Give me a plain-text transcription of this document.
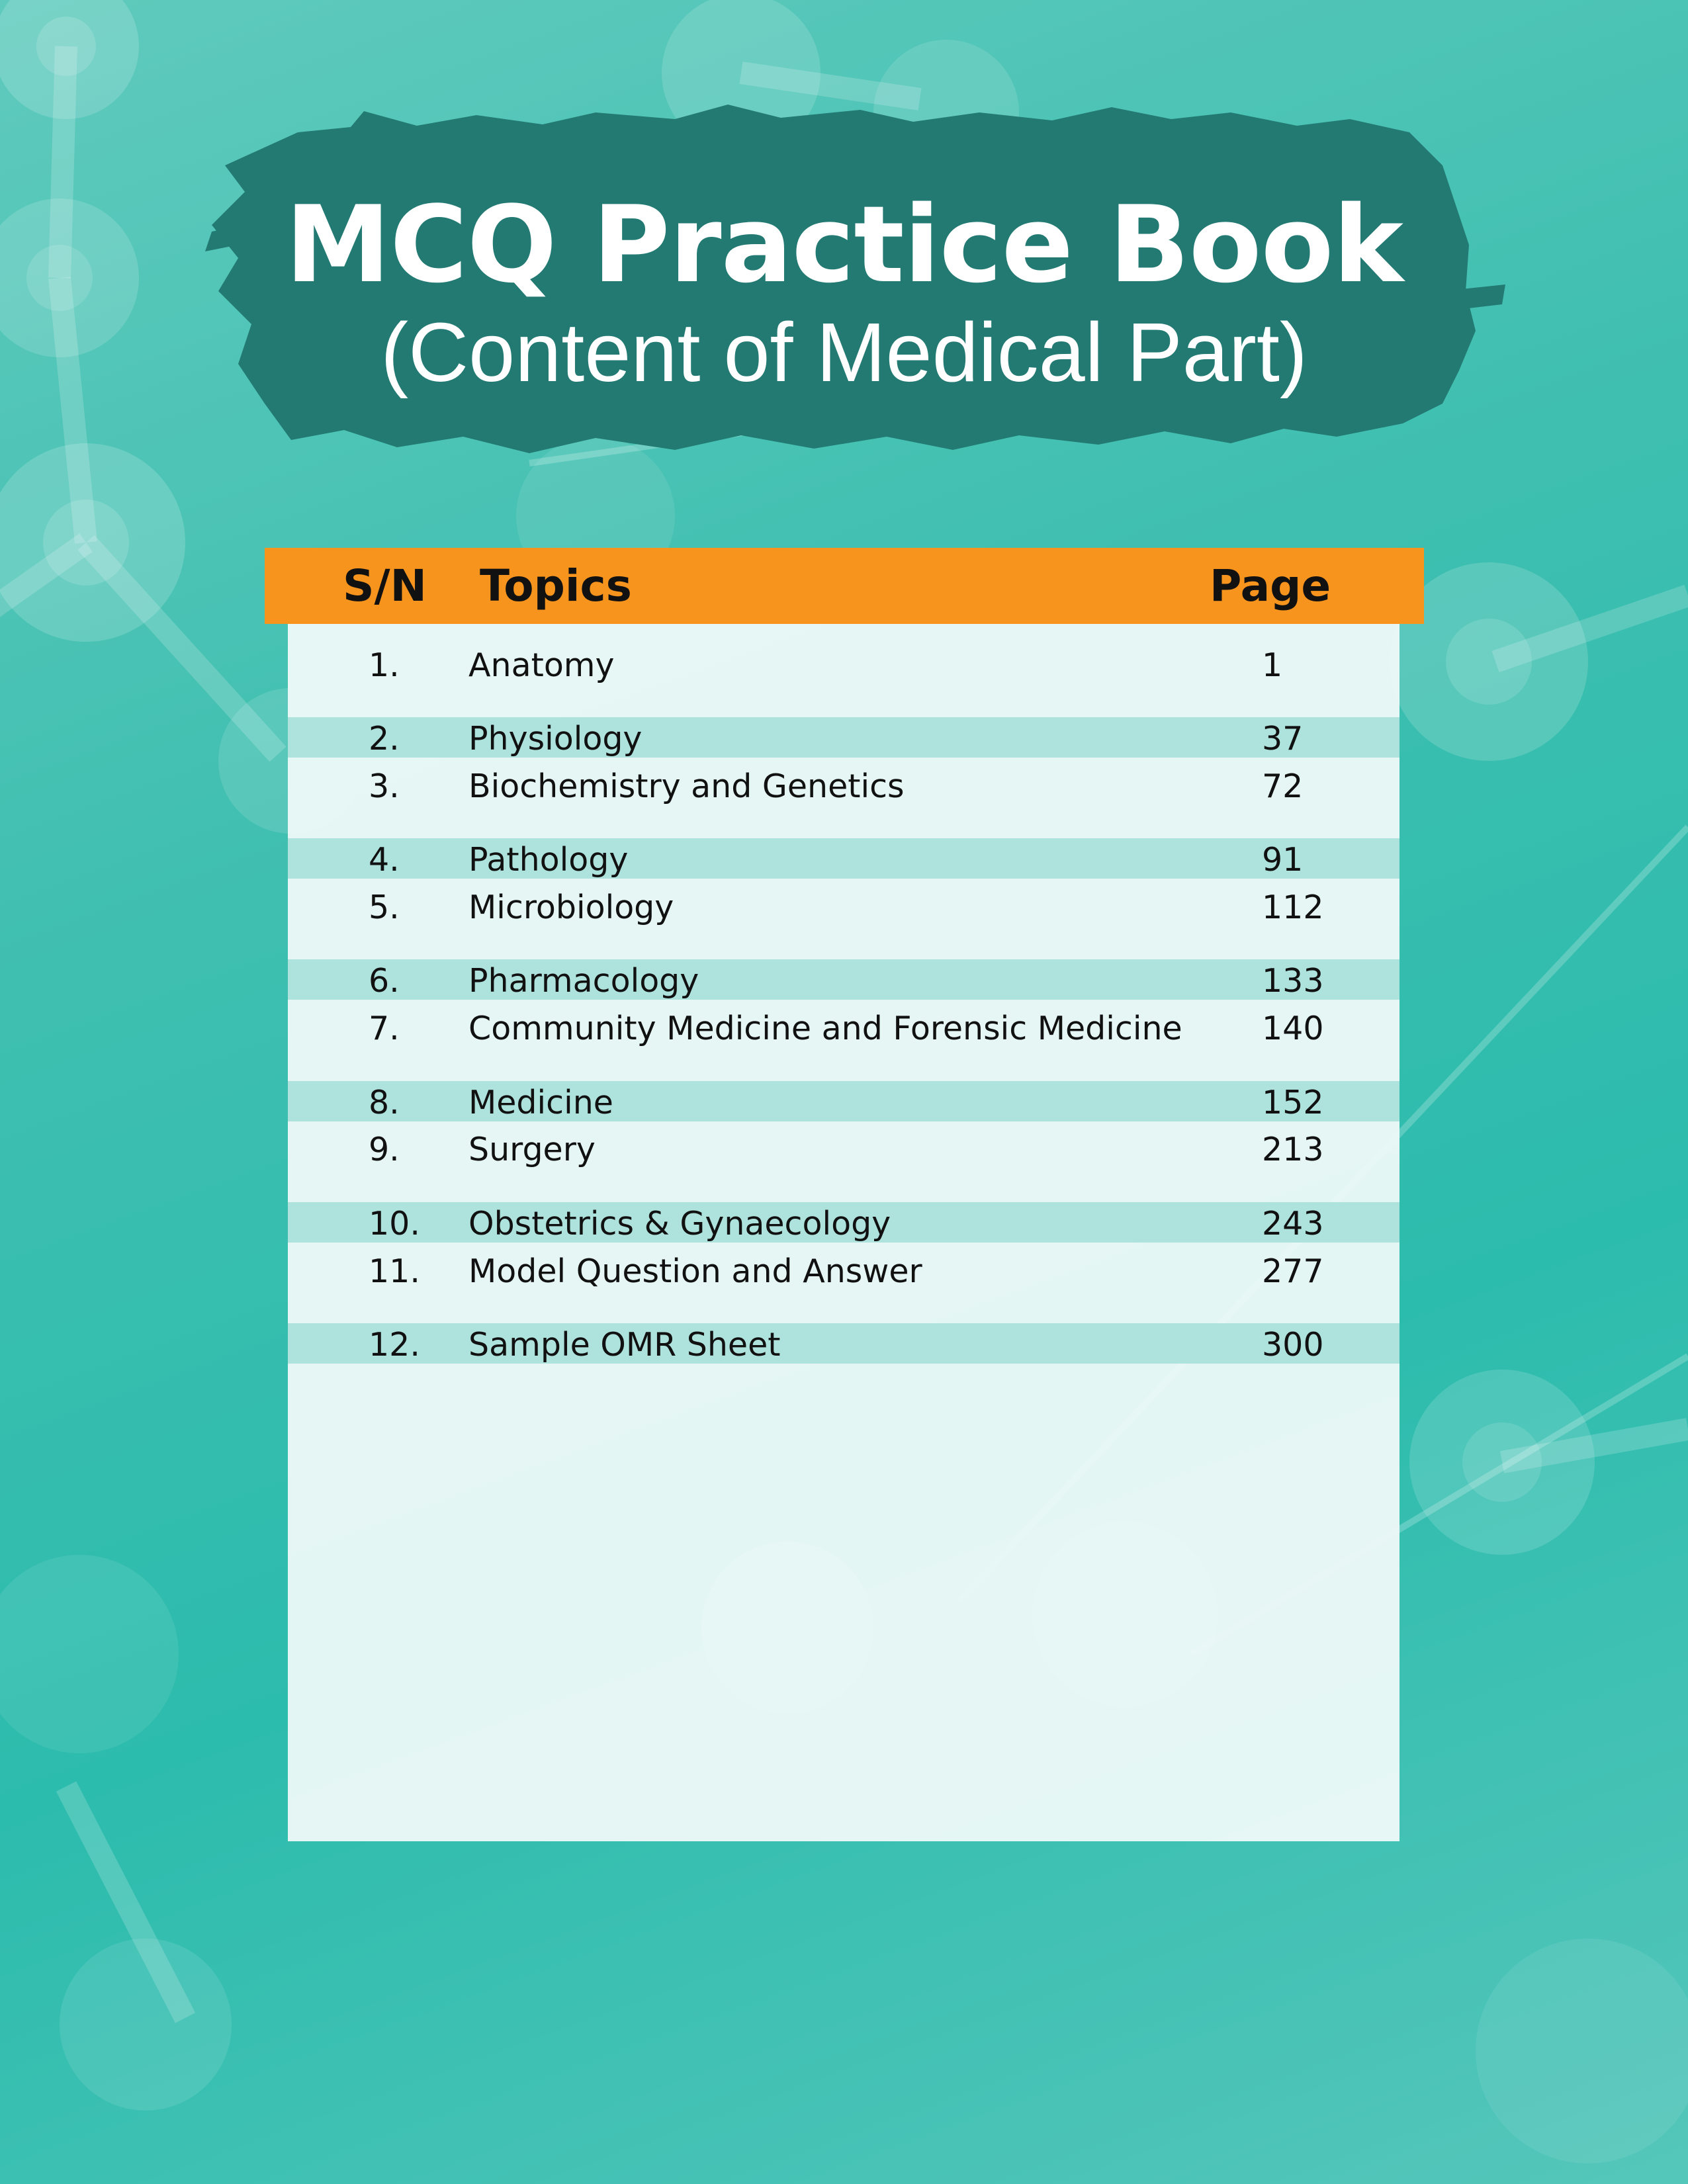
MCQ Practice Book
(Content of Medical Part)
S/N Topics	Page
1. Anatomy	1
2. Physiology	37
3. Biochemistry and Genetics	72
4. Pathology	91
5. Microbiology	112
6. Pharmacology	133
7. Community Medicine and Forensic Medicine 140
8. Medicine	152
9. Surgery	213
10. Obstetrics & Gynaecology	243
11. Model Question and Answer	277
12. Sample OMR Sheet	300
